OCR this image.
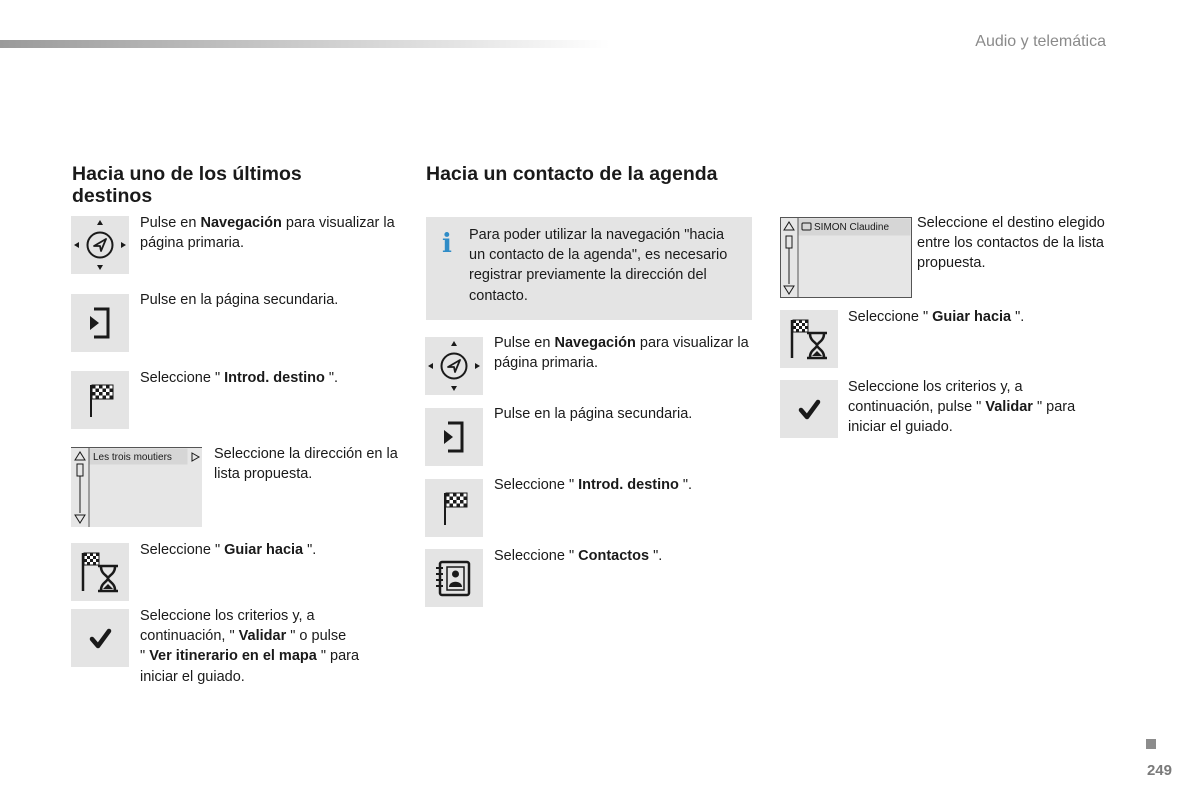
Audio y telemática
Hacia uno de los últimos destinos
Pulse en Navegación para visualizar la página primaria.
Pulse en la página secundaria.
Seleccione " Introd. destino ".
Les trois moutiers	Seleccione la dirección en la lista propuesta.
Seleccione " Guiar hacia ".
Seleccione los criterios y, a continuación, " Validar " o pulse
" Ver itinerario en el mapa " para iniciar el guiado.
Hacia un contacto de la agenda
i Para poder utilizar la navegación "hacia un contacto de la agenda", es necesario registrar previamente la dirección del contacto.
Pulse en Navegación para visualizar la página primaria.
Pulse en la página secundaria.
Seleccione " Introd. destino ".
Seleccione " Contactos ".
SIMON Claudine Seleccione el destino elegido entre los contactos de la lista propuesta.
Seleccione " Guiar hacia ".
Seleccione los criterios y, a continuación, pulse " Validar " para iniciar el guiado.
249
